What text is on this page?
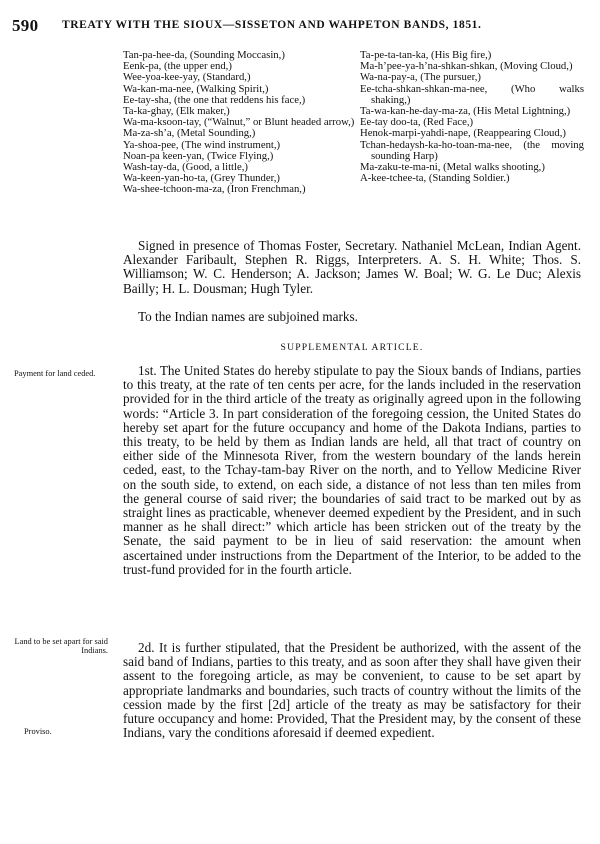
590 TREATY WITH THE SIOUX—SISSETON AND WAHPETON BANDS, 1851.
Tan-pa-hee-da, (Sounding Moccasin,)
Eenk-pa, (the upper end,)
Wee-yoa-kee-yay, (Standard,)
Wa-kan-ma-nee, (Walking Spirit,)
Ee-tay-sha, (the one that reddens his face,)
Ta-ka-ghay, (Elk maker,)
Wa-ma-ksoon-tay, (“Walnut,” or Blunt headed arrow,)
Ma-za-sh’a, (Metal Sounding,)
Ya-shoa-pee, (The wind instrument,)
Noan-pa keen-yan, (Twice Flying,)
Wash-tay-da, (Good, a little,)
Wa-keen-yan-ho-ta, (Grey Thunder,)
Wa-shee-tchoon-ma-za, (Iron Frenchman,)
Ta-pe-ta-tan-ka, (His Big fire,)
Ma-h’pee-ya-h’na-shkan-shkan, (Moving Cloud,)
Wa-na-pay-a, (The pursuer,)
Ee-tcha-shkan-shkan-ma-nee, (Who walks shaking,)
Ta-wa-kan-he-day-ma-za, (His Metal Lightning,)
Ee-tay doo-ta, (Red Face,)
Henok-marpi-yahdi-nape, (Reappearing Cloud,)
Tchan-hedaysh-ka-ho-toan-ma-nee, (the moving sounding Harp)
Ma-zaku-te-ma-ni, (Metal walks shooting,)
A-kee-tchee-ta, (Standing Soldier.)

Signed in presence of Thomas Foster, Secretary. Nathaniel McLean, Indian Agent. Alexander Faribault, Stephen R. Riggs, Interpreters. A. S. H. White; Thos. S. Williamson; W. C. Henderson; A. Jackson; James W. Boal; W. G. Le Duc; Alexis Bailly; H. L. Dousman; Hugh Tyler.

To the Indian names are subjoined marks.

SUPPLEMENTAL ARTICLE.
Payment for land ceded.	1st. The United States do hereby stipulate to pay the Sioux bands of Indians, parties to this treaty, at the rate of ten cents per acre, for the lands included in the reservation provided for in the third article of the treaty as originally agreed upon in the following words: “Article 3. In part consideration of the foregoing cession, the United States do hereby set apart for the future occupancy and home of the Dakota Indians, parties to this treaty, to be held by them as Indian lands are held, all that tract of country on either side of the Minnesota River, from the western boundary of the lands herein ceded, east, to the Tchay-tam-bay River on the north, and to Yellow Medicine River on the south side, to extend, on each side, a distance of not less than ten miles from the general course of said river; the boundaries of said tract to be marked out by as straight lines as practicable, whenever deemed expedient by the President, and in such manner as he shall direct:” which article has been stricken out of the treaty by the Senate, the said payment to be in lieu of said reservation: the amount when ascertained under instructions from the Department of the Interior, to be added to the trust-fund provided for in the fourth article.

Land to be set apart for said Indians.
Proviso.

2d. It is further stipulated, that the President be authorized, with the assent of the said band of Indians, parties to this treaty, and as soon after they shall have given their assent to the foregoing article, as may be convenient, to cause to be set apart by appropriate landmarks and boundaries, such tracts of country without the limits of the cession made by the first [2d] article of the treaty as may be satisfactory for their future occupancy and home: Provided, That the President may, by the consent of these Indians, vary the conditions aforesaid if deemed expedient.
